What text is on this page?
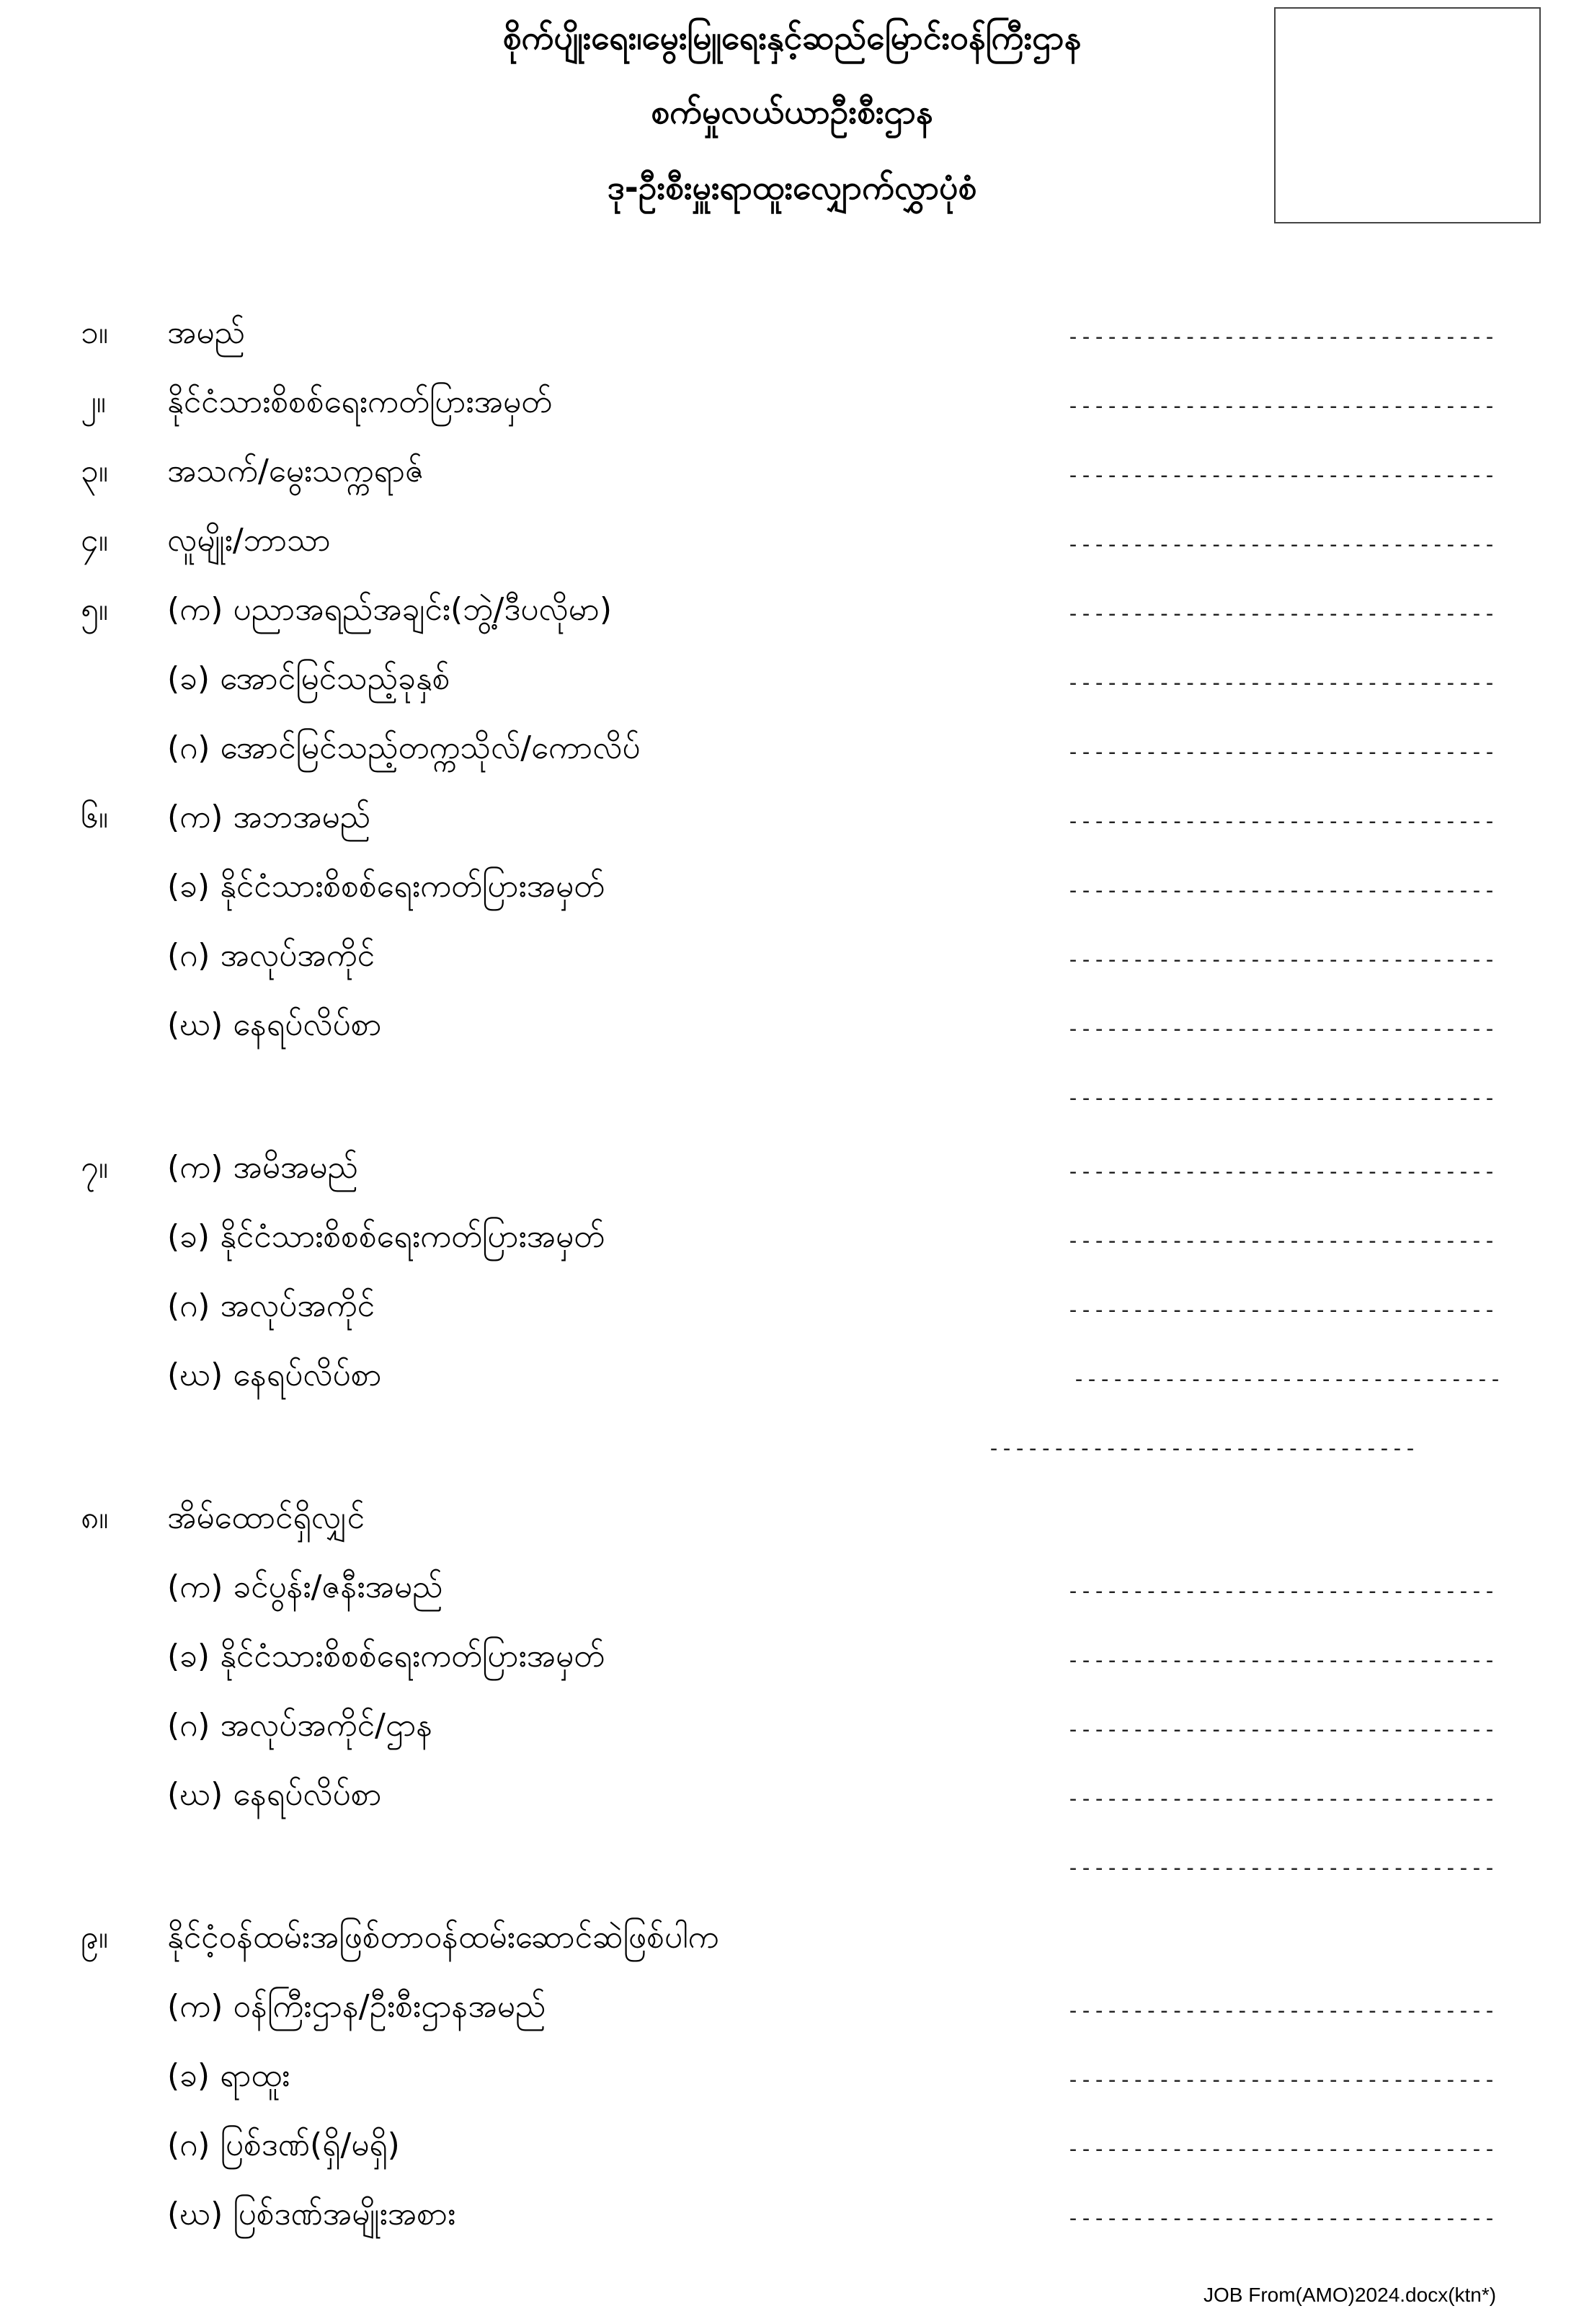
စိုက်ပျိုးရေး၊မွေးမြူရေးနှင့်ဆည်မြောင်းဝန်ကြီးဌာန
စက်မှုလယ်ယာဦးစီးဌာန
ဒု-ဦးစီးမှူးရာထူးလျှောက်လွှာပုံစံ
၁။ အမည်	---------------------------------
၂။ နိုင်ငံသားစိစစ်ရေးကတ်ပြားအမှတ်	---------------------------------
၃။ အသက်/မွေးသက္ကရာဇ်	---------------------------------
၄။ လူမျိုး/ဘာသာ	---------------------------------
၅။ (က) ပညာအရည်အချင်း(ဘွဲ့/ဒီပလိုမာ)	---------------------------------
(ခ) အောင်မြင်သည့်ခုနှစ်	---------------------------------
(ဂ) အောင်မြင်သည့်တက္ကသိုလ်/ကောလိပ်	---------------------------------
၆။ (က) အဘအမည်	---------------------------------
(ခ) နိုင်ငံသားစိစစ်ရေးကတ်ပြားအမှတ်	---------------------------------
(ဂ) အလုပ်အကိုင်	---------------------------------
(ဃ) နေရပ်လိပ်စာ	---------------------------------
---------------------------------
၇။ (က) အမိအမည်	---------------------------------
(ခ) နိုင်ငံသားစိစစ်ရေးကတ်ပြားအမှတ်	---------------------------------
(ဂ) အလုပ်အကိုင်	---------------------------------
(ဃ) နေရပ်လိပ်စာ	---------------------------------
---------------------------------
၈။ အိမ်ထောင်ရှိလျှင်
(က) ခင်ပွန်း/ဇနီးအမည်	---------------------------------
(ခ) နိုင်ငံသားစိစစ်ရေးကတ်ပြားအမှတ်	---------------------------------
(ဂ) အလုပ်အကိုင်/ဌာန	---------------------------------
(ဃ) နေရပ်လိပ်စာ	---------------------------------
---------------------------------
၉။ နိုင်ငံ့ဝန်ထမ်းအဖြစ်တာဝန်ထမ်းဆောင်ဆဲဖြစ်ပါက
(က) ဝန်ကြီးဌာန/ဦးစီးဌာနအမည်	---------------------------------
(ခ) ရာထူး	---------------------------------
(ဂ) ပြစ်ဒဏ်(ရှိ/မရှိ)	---------------------------------
(ဃ) ပြစ်ဒဏ်အမျိုးအစား	---------------------------------
JOB From(AMO)2024.docx(ktn*)
